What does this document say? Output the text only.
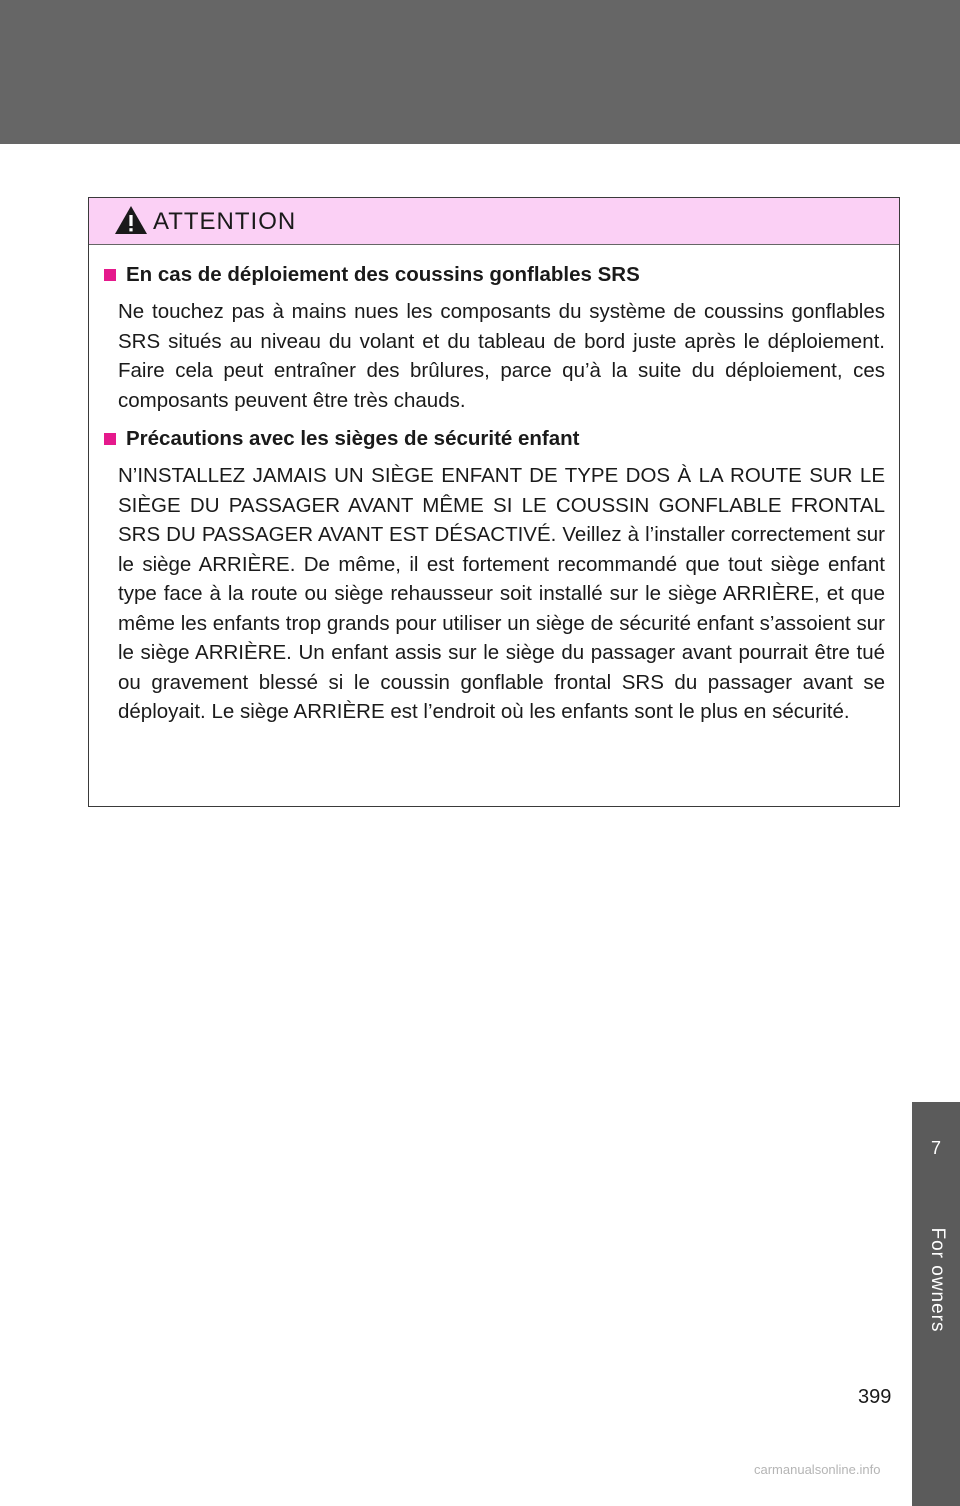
ATTENTION
En cas de déploiement des coussins gonflables SRS

Ne touchez pas à mains nues les composants du système de coussins gonflables SRS situés au niveau du volant et du tableau de bord juste après le déploiement. Faire cela peut entraîner des brûlures, parce qu’à la suite du déploiement, ces composants peuvent être très chauds.

Précautions avec les sièges de sécurité enfant

N’INSTALLEZ JAMAIS UN SIÈGE ENFANT DE TYPE DOS À LA ROUTE SUR LE SIÈGE DU PASSAGER AVANT MÊME SI LE COUSSIN GONFLABLE FRONTAL SRS DU PASSAGER AVANT EST DÉSACTIVÉ. Veillez à l’installer correctement sur le siège ARRIÈRE. De même, il est fortement recommandé que tout siège enfant type face à la route ou siège rehausseur soit installé sur le siège ARRIÈRE, et que même les enfants trop grands pour utiliser un siège de sécurité enfant s’assoient sur le siège ARRIÈRE. Un enfant assis sur le siège du passager avant pourrait être tué ou gravement blessé si le coussin gonflable frontal SRS du passager avant se déployait. Le siège ARRIÈRE est l’endroit où les enfants sont le plus en sécurité.

7
For owners
399
carmanualsonline.info
